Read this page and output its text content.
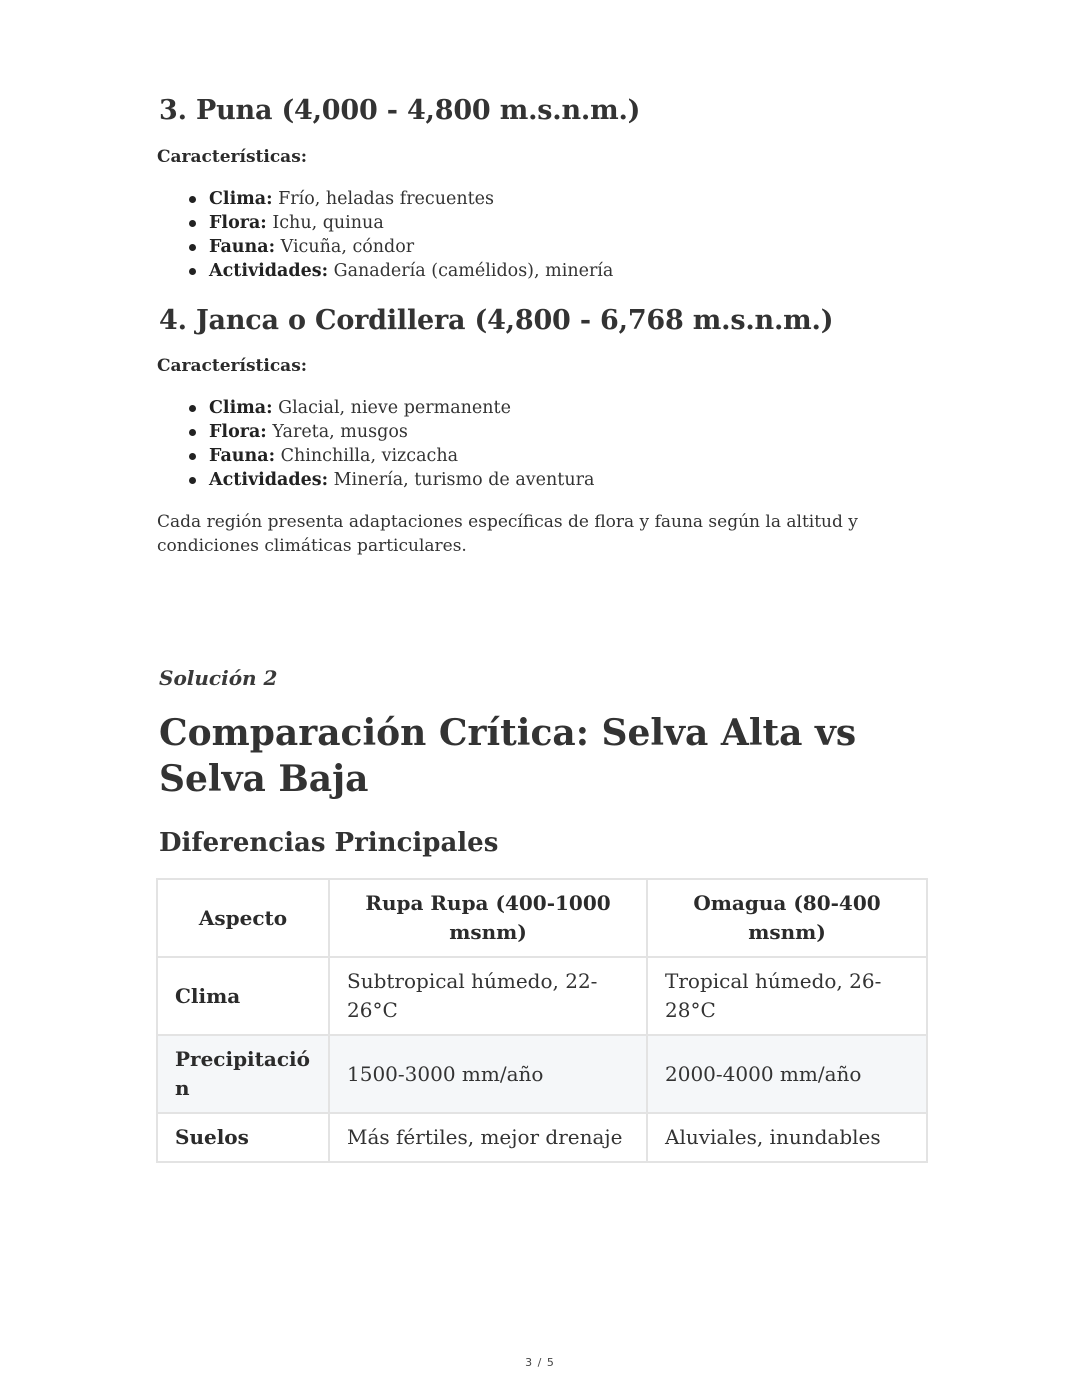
3. Puna (4,000 - 4,800 m.s.n.m.)

Características:

Clima: Frío, heladas frecuentes
Flora: Ichu, quinua
Fauna: Vicuña, cóndor
Actividades: Ganadería (camélidos), minería
4. Janca o Cordillera (4,800 - 6,768 m.s.n.m.)

Características:

Clima: Glacial, nieve permanente
Flora: Yareta, musgos
Fauna: Chinchilla, vizcacha
Actividades: Minería, turismo de aventura

Cada región presenta adaptaciones específicas de flora y fauna según la altitud y condiciones climáticas particulares.

Solución 2

Comparación Crítica: Selva Alta vs Selva Baja
Diferencias Principales
Aspecto	Rupa Rupa (400-1000 msnm)	Omagua (80-400 msnm)
Clima	Subtropical húmedo, 22-26°C	Tropical húmedo, 26-28°C
Precipitación	1500-3000 mm/año	2000-4000 mm/año
Suelos	Más fértiles, mejor drenaje	Aluviales, inundables
3 / 5
